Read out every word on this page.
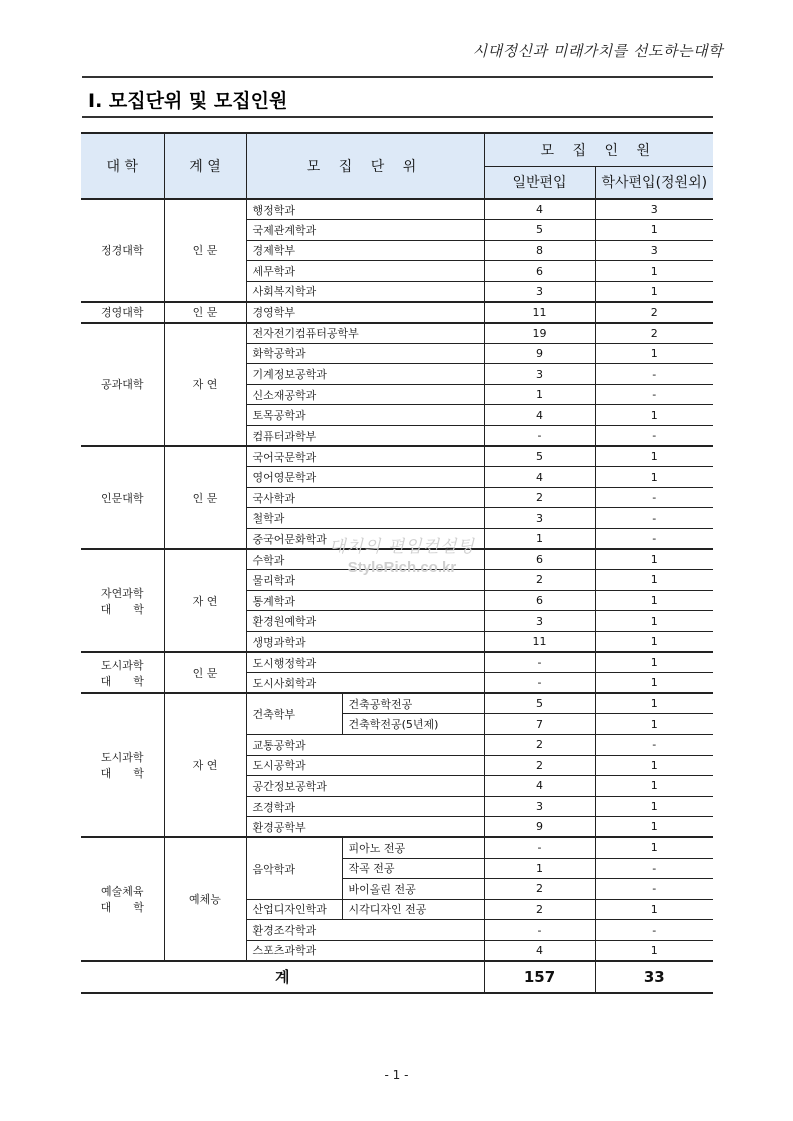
시대정신과 미래가치를 선도하는대학
Ⅰ. 모집단위 및 모집인원
대 학	계 열	모 집 단 위		모 집 인 원	
				일반편입	학사편입(정원외)
정경대학	인 문	행정학과		4	3
		국제관계학과		5	1
		경제학부		8	3
		세무학과		6	1
		사회복지학과		3	1
경영대학	인 문	경영학부		11	2
공과대학	자 연	전자전기컴퓨터공학부		19	2
		화학공학과		9	1
		기계정보공학과		3	-
		신소재공학과		1	-
		토목공학과		4	1
		컴퓨터과학부		-	-
인문대학	인 문	국어국문학과		5	1
		영어영문학과		4	1
		국사학과		2	-
		철학과		3	-
		중국어문화학과		1	-
자연과학
대　　학	자 연	수학과		6	1
		물리학과		2	1
		통계학과		6	1
		환경원예학과		3	1
		생명과학과		11	1
도시과학
대　　학	인 문	도시행정학과		-	1
		도시사회학과		-	1
도시과학
대　　학	자 연	건축학부	건축공학전공	5	1
			건축학전공(5년제)	7	1
		교통공학과		2	-
		도시공학과		2	1
		공간정보공학과		4	1
		조경학과		3	1
		환경공학부		9	1
예술체육
대　　학	예체능	음악학과	피아노 전공	-	1
			작곡 전공	1	-
			바이올린 전공	2	-
		산업디자인학과	시각디자인 전공	2	1
		환경조각학과		-	-
		스포츠과학과		4	1
계				157	33
대치의 편입컨설팅
StyleRich.co.kr
- 1 -
